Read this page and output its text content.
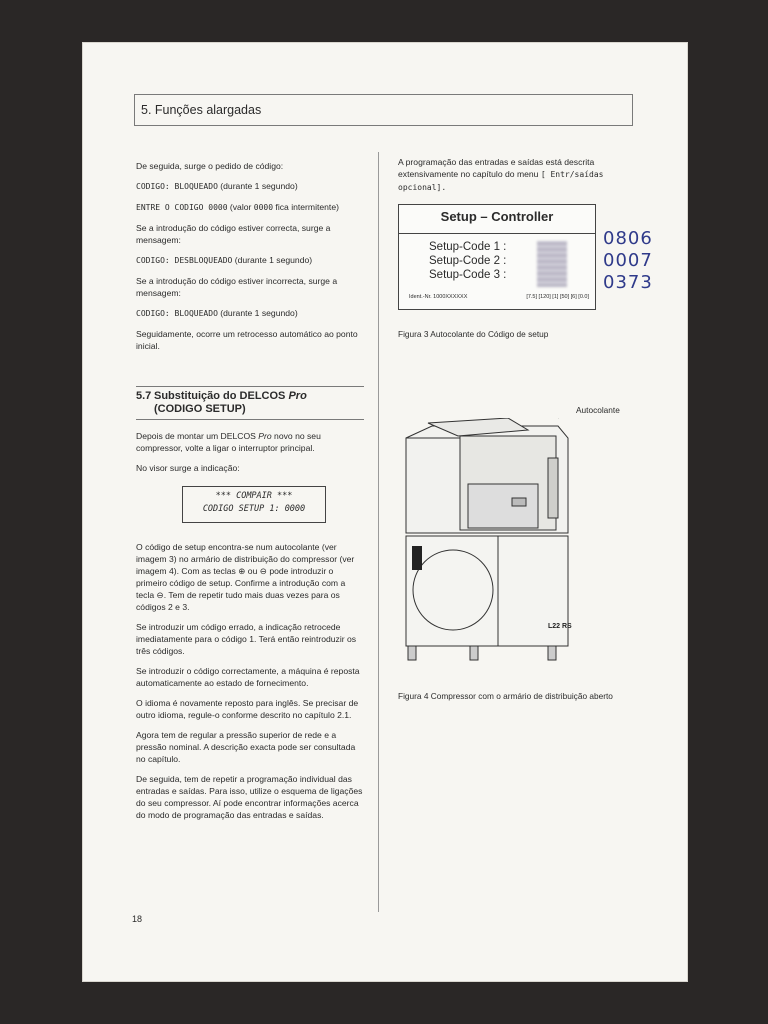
5. Funções alargadas

De seguida, surge o pedido de código:

CODIGO: BLOQUEADO (durante 1 segundo)

ENTRE O CODIGO 0000 (valor 0000 fica intermitente)

Se a introdução do código estiver correcta, surge a mensagem:

CODIGO: DESBLOQUEADO (durante 1 segundo)

Se a introdução do código estiver incorrecta, surge a mensagem:

CODIGO: BLOQUEADO (durante 1 segundo)

Seguidamente, ocorre um retrocesso automático ao ponto inicial.

5.7 Substituição do DELCOS Pro
(CODIGO SETUP)

Depois de montar um DELCOS Pro novo no seu compressor, volte a ligar o interruptor principal.

No visor surge a indicação:

*** COMPAIR ***
CODIGO SETUP 1: 0000

O código de setup encontra-se num autocolante (ver imagem 3) no armário de distribuição do compressor (ver imagem 4). Com as teclas ⊕ ou ⊖ pode introduzir o primeiro código de setup. Confirme a introdução com a tecla ⊖. Tem de repetir tudo mais duas vezes para os códigos 2 e 3.

Se introduzir um código errado, a indicação retrocede imediatamente para o código 1. Terá então reintroduzir os três códigos.

Se introduzir o código correctamente, a máquina é reposta automaticamente ao estado de fornecimento.

O idioma é novamente reposto para inglês. Se precisar de outro idioma, regule-o conforme descrito no capítulo 2.1.

Agora tem de regular a pressão superior de rede e a pressão nominal. A descrição exacta pode ser consultada no capítulo.

De seguida, tem de repetir a programação individual das entradas e saídas. Para isso, utilize o esquema de ligações do seu compressor. Aí pode encontrar informações acerca do modo de programação das entradas e saídas.

A programação das entradas e saídas está descrita extensivamente no capítulo do menu [ Entr/saídas opcional].

Setup – Controller
Setup-Code 1 :
Setup-Code 2 :
Setup-Code 3 :
Ident.-Nr. 1000XXXXXX	[7.5] [120] [1] [50] [6] [0.0]
0806
0007
0373

Figura 3 Autocolante do Código de setup

Autocolante
L22 RS

Figura 4 Compressor com o armário de distribuição aberto

18
